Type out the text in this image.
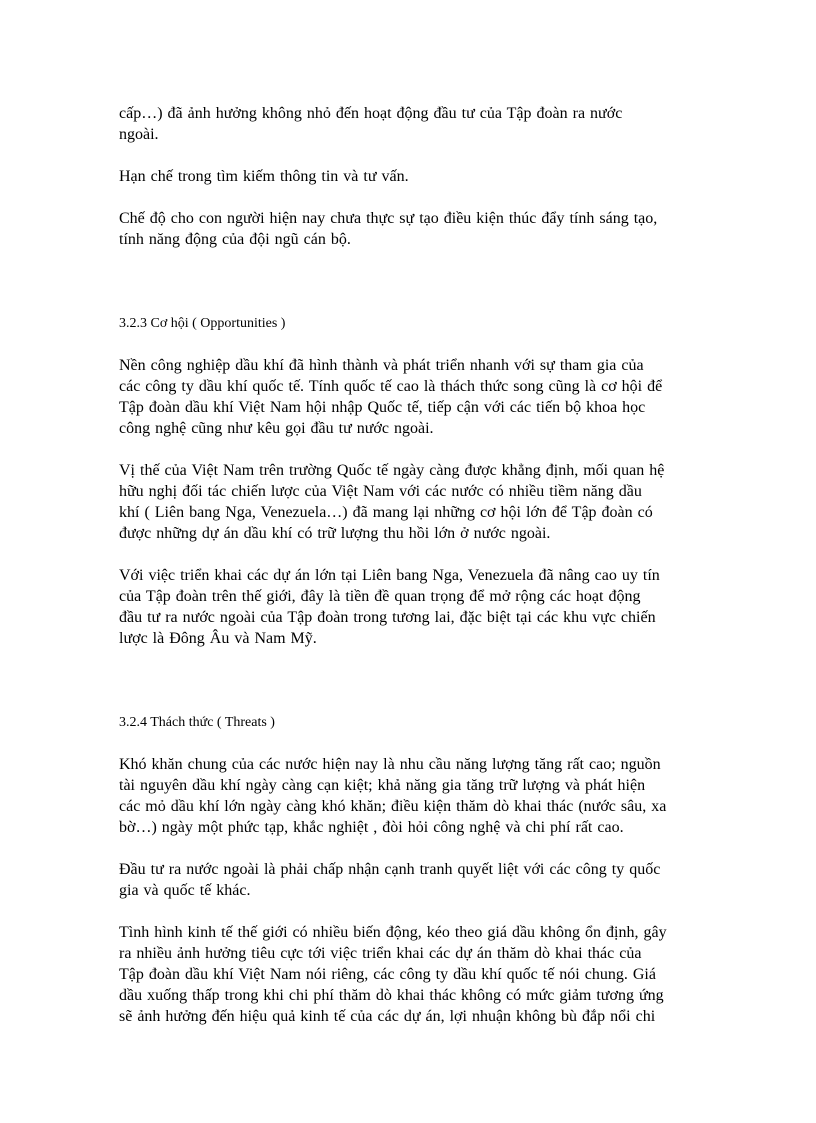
cấp…) đã ảnh hưởng không nhỏ đến hoạt động đầu tư của Tập đoàn ra nước
ngoài.

Hạn chế trong tìm kiếm thông tin và tư vấn.

Chế độ cho con người hiện nay chưa thực sự tạo điều kiện thúc đẩy tính sáng tạo,
tính năng động của đội ngũ cán bộ.

3.2.3 Cơ hội ( Opportunities )

Nền công nghiệp dầu khí đã hình thành và phát triển nhanh với sự tham gia của
các công ty dầu khí quốc tế. Tính quốc tế cao là thách thức song cũng là cơ hội để
Tập đoàn dầu khí Việt Nam hội nhập Quốc tế, tiếp cận với các tiến bộ khoa học
công nghệ cũng như kêu gọi đầu tư nước ngoài.

Vị thế của Việt Nam trên trường Quốc tế ngày càng được khẳng định, mối quan hệ
hữu nghị đối tác chiến lược của Việt Nam với các nước có nhiều tiềm năng dầu
khí ( Liên bang Nga, Venezuela…) đã mang lại những cơ hội lớn để Tập đoàn có
được những dự án dầu khí có trữ lượng thu hồi lớn ở nước ngoài.

Với việc triển khai các dự án lớn tại Liên bang Nga, Venezuela đã nâng cao uy tín
của Tập đoàn trên thế giới, đây là tiền đề quan trọng để mở rộng các hoạt động
đầu tư ra nước ngoài của Tập đoàn trong tương lai, đặc biệt tại các khu vực chiến
lược là Đông Âu và Nam Mỹ.

3.2.4 Thách thức ( Threats )

Khó khăn chung của các nước hiện nay là nhu cầu năng lượng tăng rất cao; nguồn
tài nguyên dầu khí ngày càng cạn kiệt; khả năng gia tăng trữ lượng và phát hiện
các mỏ dầu khí lớn ngày càng khó khăn; điều kiện thăm dò khai thác (nước sâu, xa
bờ…) ngày một phức tạp, khắc nghiệt , đòi hỏi công nghệ và chi phí rất cao.

Đầu tư ra nước ngoài là phải chấp nhận cạnh tranh quyết liệt với các công ty quốc
gia và quốc tế khác.

Tình hình kinh tế thế giới có nhiều biến động, kéo theo giá dầu không ổn định, gây
ra nhiều ảnh hưởng tiêu cực tới việc triển khai các dự án thăm dò khai thác của
Tập đoàn dầu khí Việt Nam nói riêng, các công ty dầu khí quốc tế nói chung. Giá
dầu xuống thấp trong khi chi phí thăm dò khai thác không có mức giảm tương ứng
sẽ ảnh hưởng đến hiệu quả kinh tế của các dự án, lợi nhuận không bù đắp nổi chi
